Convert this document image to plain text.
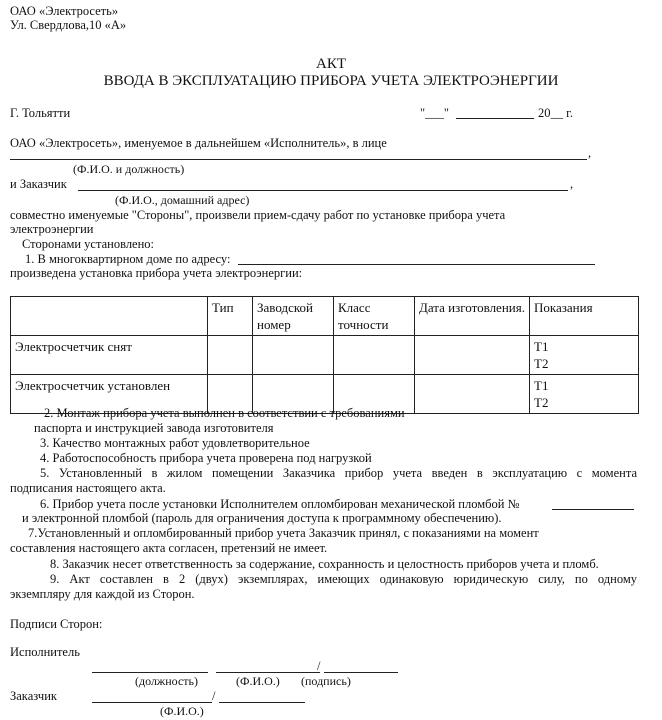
ОАО «Электросеть»
Ул. Свердлова,10 «А»
АКТ
ВВОДА В ЭКСПЛУАТАЦИЮ ПРИБОРА УЧЕТА ЭЛЕКТРОЭНЕРГИИ
Г. Тольятти	"___"	20__ г.
ОАО «Электросеть», именуемое в дальнейшем «Исполнитель», в лице
,
(Ф.И.О. и должность)
и Заказчик	,
(Ф.И.О., домашний адрес)
совместно именуемые "Стороны", произвели прием-сдачу работ по установке прибора учета
электроэнергии
Сторонами установлено:
1. В многоквартирном доме по адресу:
произведена установка прибора учета электроэнергии:
	Тип	Заводской номер	Класс точности	Дата изготовления.	Показания
Электросчетчик снят					Т1
Т2

Электросчетчик установлен					Т1
Т2
2. Монтаж прибора учета выполнен в соответствии с требованиями
паспорта и инструкцией завода изготовителя
3. Качество монтажных работ удовлетворительное
4. Работоспособность прибора учета проверена под нагрузкой
5. Установленный в жилом помещении Заказчика прибор учета введен в эксплуатацию с момента
подписания настоящего акта.
6. Прибор учета после установки Исполнителем опломбирован механической пломбой №
и электронной пломбой (пароль для ограничения доступа к программному обеспечению).
7.Установленный и опломбированный прибор учета Заказчик принял, с показаниями на момент
составления настоящего акта согласен, претензий не имеет.
8. Заказчик несет ответственность за содержание, сохранность и целостность приборов учета и пломб.
9. Акт составлен в 2 (двух) экземплярах, имеющих одинаковую юридическую силу, по одному
экземпляру для каждой из Сторон.
Подписи Сторон:
Исполнитель
/
(должность)	(Ф.И.О.) (подпись)
Заказчик	/
(Ф.И.О.)
